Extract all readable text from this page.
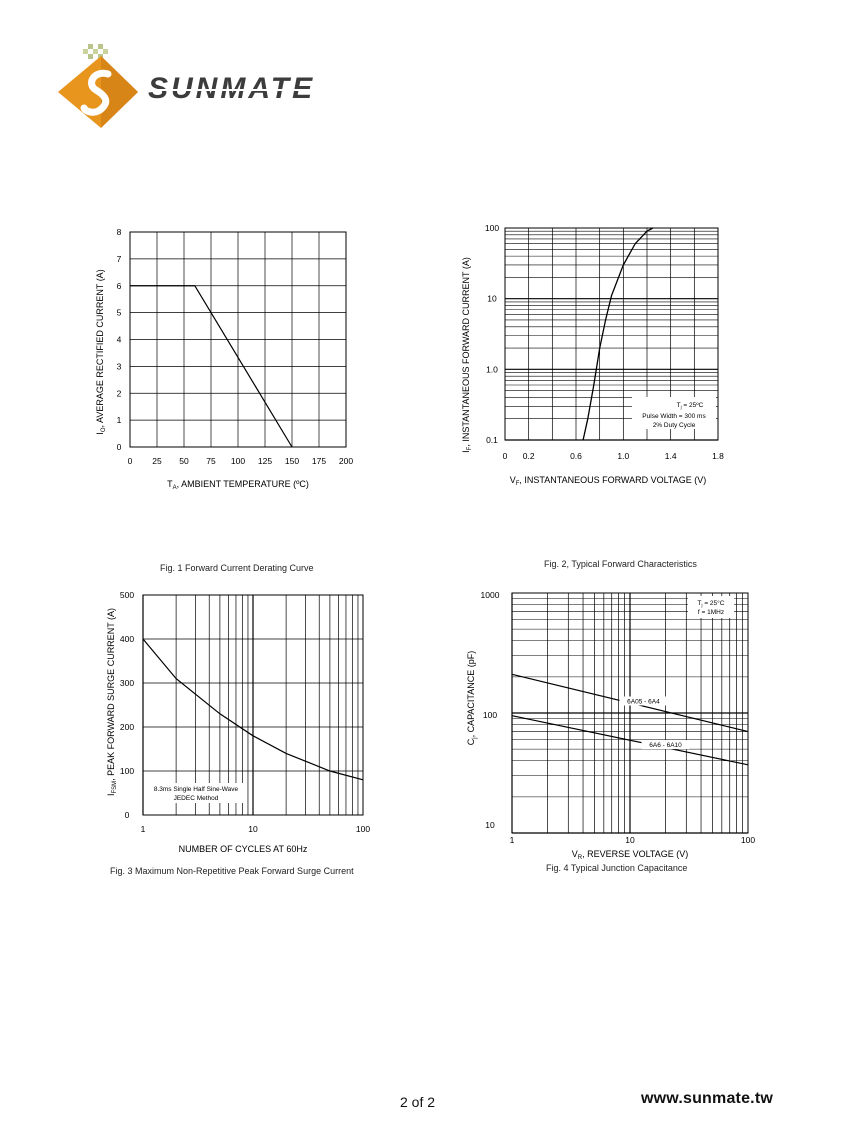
SUNMATE
0 25 50 75 100 125 150 175 200
0
1
2
3
4
5
6
7
8
$T_A$, AMBIENT TEMPERATURE (ºC)
$I_O$, AVERAGE RECTIFIED CURRENT (A)
Fig. 1 Forward Current Derating Curve
0 0.2	0.6	1.0	1.4	1.8
0.1
1.0
10
100
$T_j$ = 25ºC
Pulse Width = 300 ms
2% Duty Cycle
$V_F$, INSTANTANEOUS FORWARD VOLTAGE (V)
$I_F$, INSTANTANEOUS FORWARD CURRENT (A)
Fig. 2, Typical Forward Characteristics
1	10	100
0
100
200
300
400
500
8.3ms Single Half Sine-Wave
JEDEC Method
NUMBER OF CYCLES AT 60Hz
$I_{FSM}$, PEAK FORWARD SURGE CURRENT (A)
Fig. 3 Maximum Non-Repetitive Peak Forward Surge Current
1	10	100
10
100
1000
6A05 - 6A4
6A6 - 6A10
$T_j = 25^\circ C$
f = 1MHz
$V_R$, REVERSE VOLTAGE (V)
$C_j$, CAPACITANCE (pF)
Fig. 4 Typical Junction Capacitance
2 of 2	www.sunmate.tw
